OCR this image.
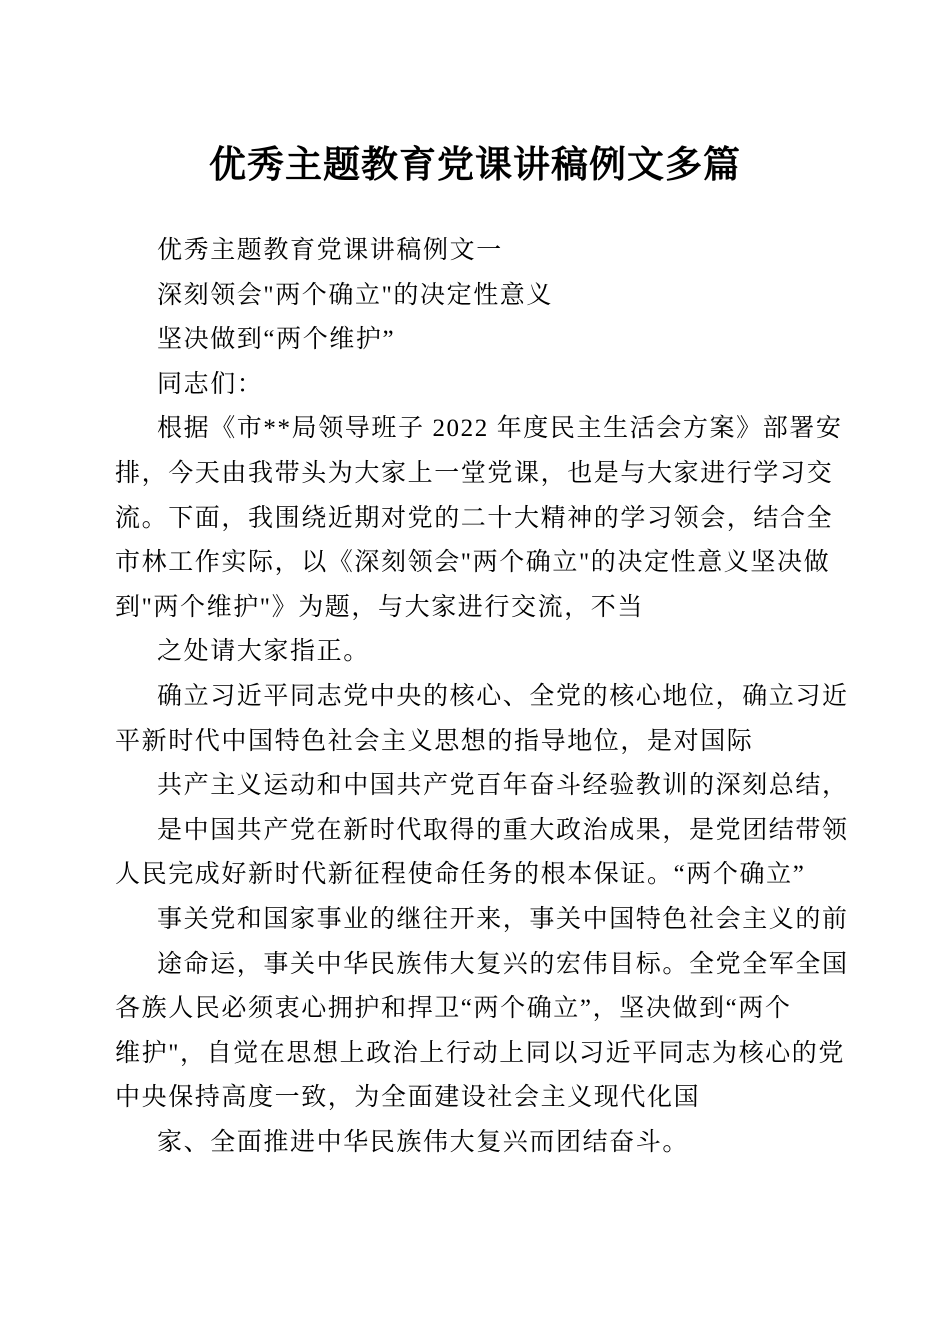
优秀主题教育党课讲稿例文多篇
优秀主题教育党课讲稿例文一
深刻领会"两个确立"的决定性意义
坚决做到“两个维护”
同志们：
根据《市**局领导班子 2022 年度民主生活会方案》部署安
排，今天由我带头为大家上一堂党课，也是与大家进行学习交
流。下面，我围绕近期对党的二十大精神的学习领会，结合全
市林工作实际，以《深刻领会"两个确立"的决定性意义坚决做
到"两个维护"》为题，与大家进行交流，不当
之处请大家指正。
确立习近平同志党中央的核心、全党的核心地位，确立习近
平新时代中国特色社会主义思想的指导地位，是对国际
共产主义运动和中国共产党百年奋斗经验教训的深刻总结，
是中国共产党在新时代取得的重大政治成果，是党团结带领
人民完成好新时代新征程使命任务的根本保证。“两个确立”
事关党和国家事业的继往开来，事关中国特色社会主义的前
途命运，事关中华民族伟大复兴的宏伟目标。全党全军全国
各族人民必须衷心拥护和捍卫“两个确立”，坚决做到“两个
维护"，自觉在思想上政治上行动上同以习近平同志为核心的党
中央保持高度一致，为全面建设社会主义现代化国
家、全面推进中华民族伟大复兴而团结奋斗。
